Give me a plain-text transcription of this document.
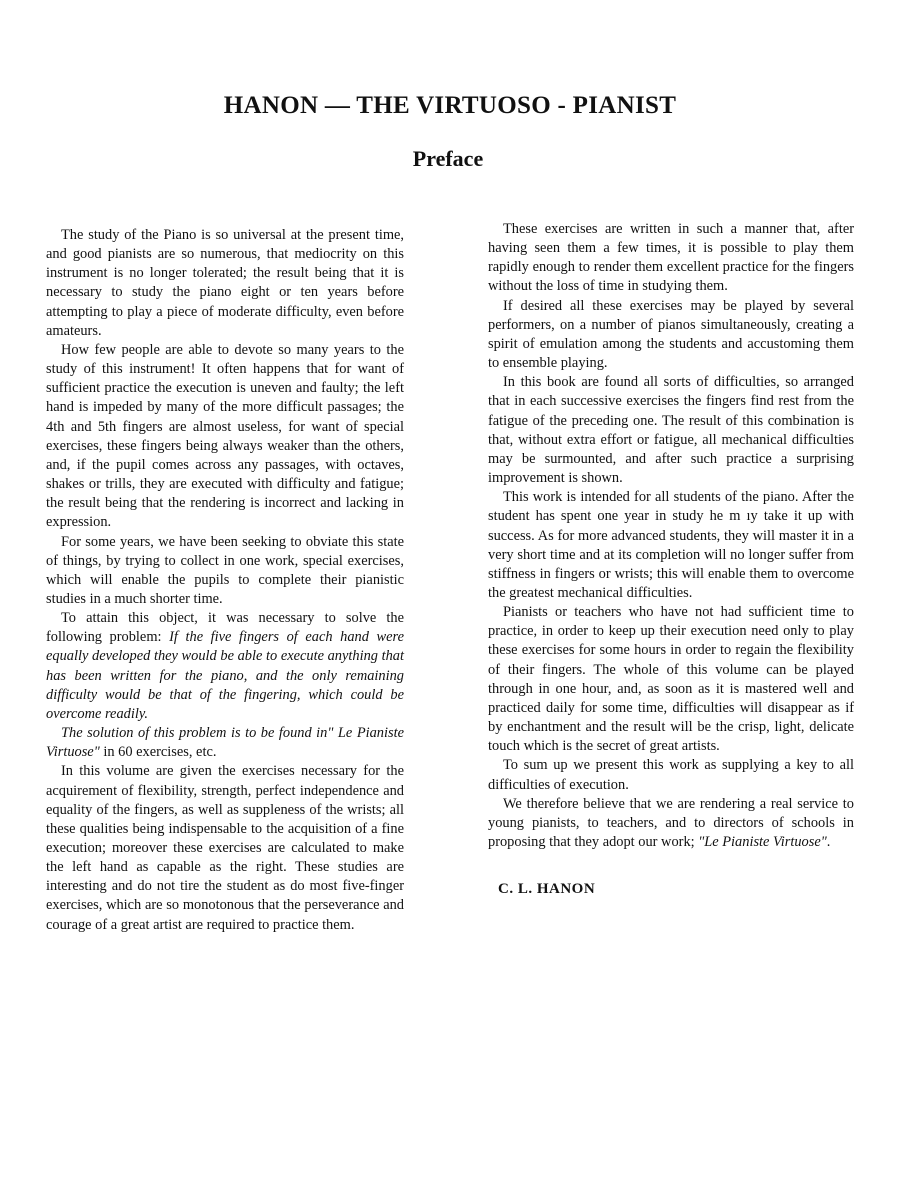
HANON — THE VIRTUOSO - PIANIST
Preface

The study of the Piano is so universal at the present time, and good pianists are so numerous, that mediocrity on this instrument is no longer tolerated; the result being that it is necessary to study the piano eight or ten years before attempting to play a piece of moderate difficulty, even before amateurs.

How few people are able to devote so many years to the study of this instrument! It often happens that for want of sufficient practice the execution is uneven and faulty; the left hand is impeded by many of the more difficult passages; the 4th and 5th fingers are almost useless, for want of special exercises, these fingers being always weaker than the others, and, if the pupil comes across any passages, with octaves, shakes or trills, they are executed with difficulty and fatigue; the result being that the rendering is incorrect and lacking in expression.

For some years, we have been seeking to obviate this state of things, by trying to collect in one work, special exercises, which will enable the pupils to complete their pianistic studies in a much shorter time.

To attain this object, it was necessary to solve the following problem: If the five fingers of each hand were equally developed they would be able to execute anything that has been written for the piano, and the only remaining difficulty would be that of the fingering, which could be overcome readily.

The solution of this problem is to be found in" Le Pianiste Virtuose" in 60 exercises, etc.

In this volume are given the exercises necessary for the acquirement of flexibility, strength, perfect independence and equality of the fingers, as well as suppleness of the wrists; all these qualities being indispensable to the acquisition of a fine execution; moreover these exercises are calculated to make the left hand as capable as the right. These studies are interesting and do not tire the student as do most five-finger exercises, which are so monotonous that the perseverance and courage of a great artist are required to practice them.

These exercises are written in such a manner that, after having seen them a few times, it is possible to play them rapidly enough to render them excellent practice for the fingers without the loss of time in studying them.

If desired all these exercises may be played by several performers, on a number of pianos simultaneously, creating a spirit of emulation among the students and accustoming them to ensemble playing.

In this book are found all sorts of difficulties, so arranged that in each successive exercises the fingers find rest from the fatigue of the preceding one. The result of this combination is that, without extra effort or fatigue, all mechanical difficulties may be surmounted, and after such practice a surprising improvement is shown.

This work is intended for all students of the piano. After the student has spent one year in study he m ıy take it up with success. As for more advanced students, they will master it in a very short time and at its completion will no longer suffer from stiffness in fingers or wrists; this will enable them to overcome the greatest mechanical difficulties.

Pianists or teachers who have not had sufficient time to practice, in order to keep up their execution need only to play these exercises for some hours in order to regain the flexibility of their fingers. The whole of this volume can be played through in one hour, and, as soon as it is mastered well and practiced daily for some time, difficulties will disappear as if by enchantment and the result will be the crisp, light, delicate touch which is the secret of great artists.

To sum up we present this work as supplying a key to all difficulties of execution.

We therefore believe that we are rendering a real service to young pianists, to teachers, and to directors of schools in proposing that they adopt our work; "Le Pianiste Virtuose".

C. L. HANON
